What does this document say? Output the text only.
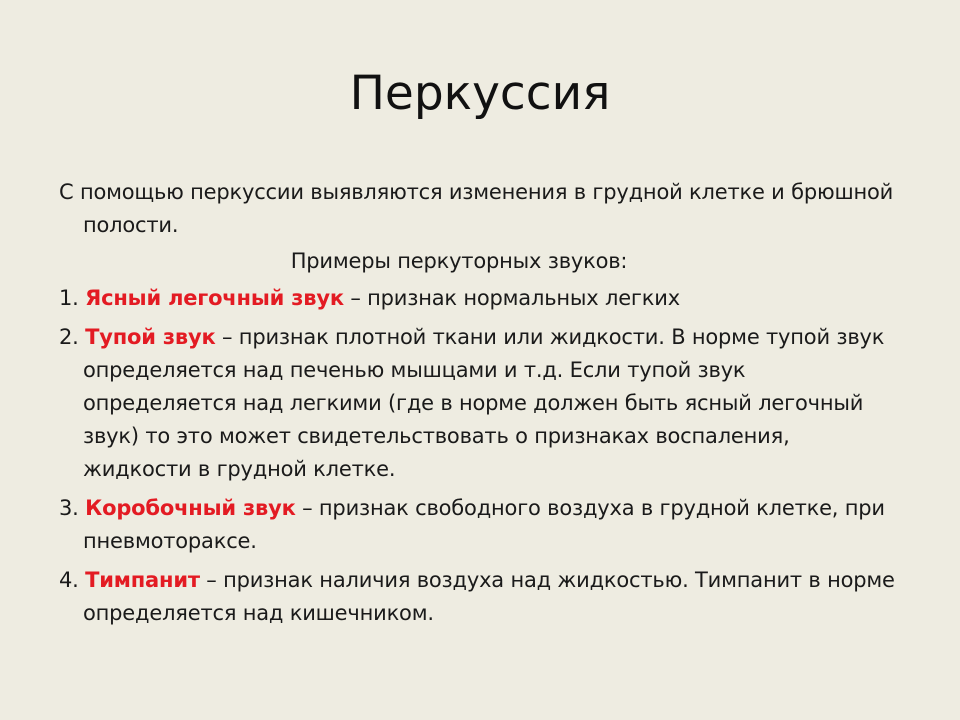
Перкуссия

С помощью перкуссии выявляются изменения в грудной клетке и брюшной полости.

Примеры перкуторных звуков:

1. Ясный легочный звук – признак нормальных легких

2. Тупой звук – признак плотной ткани или жидкости. В норме тупой звук определяется над печенью мышцами и т.д. Если тупой звук определяется над легкими (где в норме должен быть ясный легочный звук) то это может свидетельствовать о признаках воспаления, жидкости в грудной клетке.

3. Коробочный звук – признак свободного воздуха в грудной клетке, при пневмотораксе.

4. Тимпанит – признак наличия воздуха над жидкостью. Тимпанит в норме определяется над кишечником.
